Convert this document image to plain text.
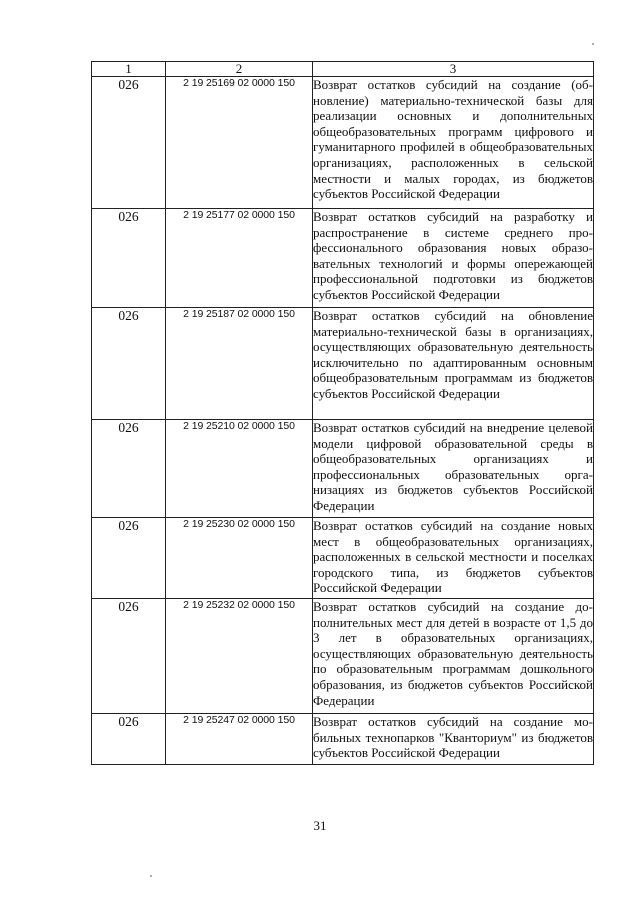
1	2	3
026	2 19 25169 02 0000 150	Возврат остатков субсидий на создание (обновление) материально-технической базы для реализации основных и дополнительных общеобразовательных программ цифрового и гуманитарного профилей в общеобразовательных организациях, расположенных в сельской местности и малых городах, из бюджетов субъектов Российской Федерации
026	2 19 25177 02 0000 150	Возврат остатков субсидий на разработку и распространение в системе среднего профессионального образования новых образовательных технологий и формы опережающей профессиональной подготовки из бюджетов субъектов Российской Федерации
026	2 19 25187 02 0000 150	Возврат остатков субсидий на обновление материально-технической базы в организациях, осуществляющих образовательную деятельность исключительно по адаптированным основным общеобразовательным программам из бюджетов субъектов Российской Федерации
026	2 19 25210 02 0000 150	Возврат остатков субсидий на внедрение целевой модели цифровой образовательной среды в общеобразовательных организациях и профессиональных образовательных организациях из бюджетов субъектов Российской Федерации
026	2 19 25230 02 0000 150	Возврат остатков субсидий на создание новых мест в общеобразовательных организациях, расположенных в сельской местности и поселках городского типа, из бюджетов субъектов Российской Федерации
026	2 19 25232 02 0000 150	Возврат остатков субсидий на создание дополнительных мест для детей в возрасте от 1,5 до 3 лет в образовательных организациях, осуществляющих образовательную деятельность по образовательным программам дошкольного образования, из бюджетов субъектов Российской Федерации
026	2 19 25247 02 0000 150	Возврат остатков субсидий на создание мобильных технопарков "Кванториум" из бюджетов субъектов Российской Федерации
31
